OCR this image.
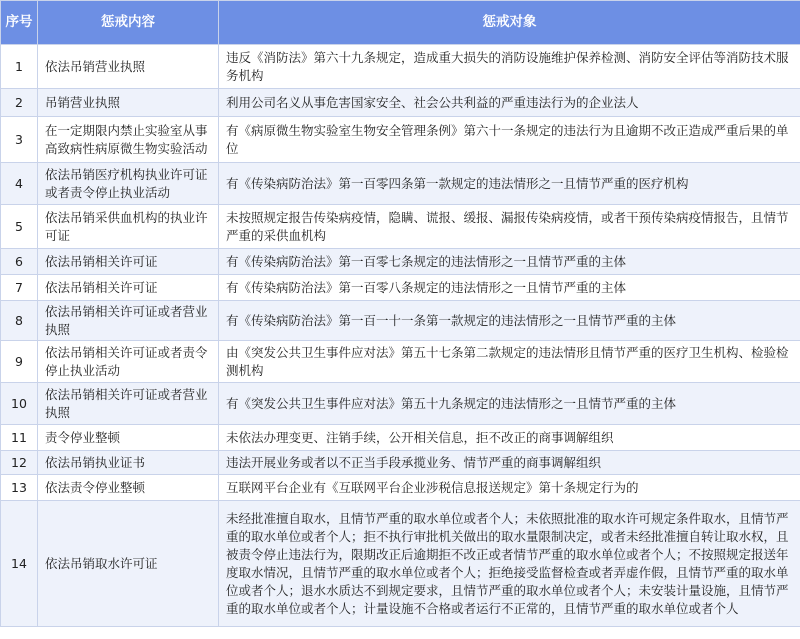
序号	惩戒内容	惩戒对象
1	依法吊销营业执照	违反《消防法》第六十九条规定，造成重大损失的消防设施维护保养检测、消防安全评估等消防技术服务机构
2	吊销营业执照	利用公司名义从事危害国家安全、社会公共利益的严重违法行为的企业法人
3	在一定期限内禁止实验室从事高致病性病原微生物实验活动	有《病原微生物实验室生物安全管理条例》第六十一条规定的违法行为且逾期不改正造成严重后果的单位
4	依法吊销医疗机构执业许可证或者责令停止执业活动	有《传染病防治法》第一百零四条第一款规定的违法情形之一且情节严重的医疗机构
5	依法吊销采供血机构的执业许可证	未按照规定报告传染病疫情，隐瞒、谎报、缓报、漏报传染病疫情，或者干预传染病疫情报告，且情节严重的采供血机构
6	依法吊销相关许可证	有《传染病防治法》第一百零七条规定的违法情形之一且情节严重的主体
7	依法吊销相关许可证	有《传染病防治法》第一百零八条规定的违法情形之一且情节严重的主体
8	依法吊销相关许可证或者营业执照	有《传染病防治法》第一百一十一条第一款规定的违法情形之一且情节严重的主体
9	依法吊销相关许可证或者责令停止执业活动	由《突发公共卫生事件应对法》第五十七条第二款规定的违法情形且情节严重的医疗卫生机构、检验检测机构
10	依法吊销相关许可证或者营业执照	有《突发公共卫生事件应对法》第五十九条规定的违法情形之一且情节严重的主体
11	责令停业整顿	未依法办理变更、注销手续，公开相关信息，拒不改正的商事调解组织
12	依法吊销执业证书	违法开展业务或者以不正当手段承揽业务、情节严重的商事调解组织
13	依法责令停业整顿	互联网平台企业有《互联网平台企业涉税信息报送规定》第十条规定行为的
14	依法吊销取水许可证	未经批准擅自取水，且情节严重的取水单位或者个人；未依照批准的取水许可规定条件取水，且情节严重的取水单位或者个人；拒不执行审批机关做出的取水量限制决定，或者未经批准擅自转让取水权，且被责令停止违法行为，限期改正后逾期拒不改正或者情节严重的取水单位或者个人；不按照规定报送年度取水情况，且情节严重的取水单位或者个人；拒绝接受监督检查或者弄虚作假，且情节严重的取水单位或者个人；退水水质达不到规定要求，且情节严重的取水单位或者个人；未安装计量设施，且情节严重的取水单位或者个人；计量设施不合格或者运行不正常的，且情节严重的取水单位或者个人
